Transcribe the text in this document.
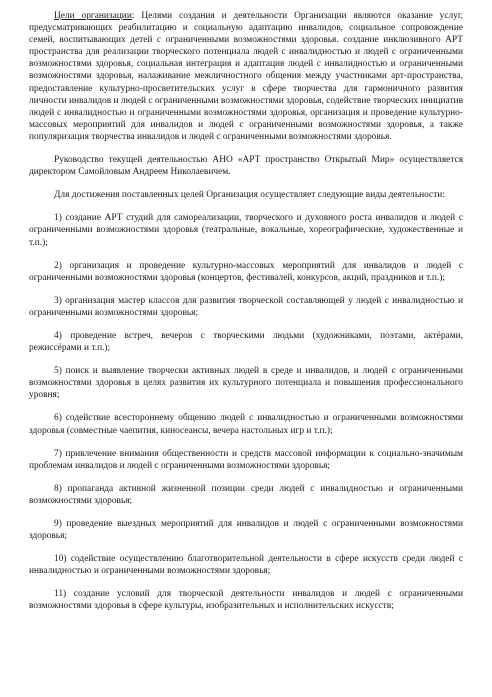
Цели организации: Целями создания и деятельности Организации являются оказание услуг, предусматривающих реабилитацию и социальную адаптацию инвалидов, социальное сопровождение семей, воспитывающих детей с ограниченными возможностями здоровья. создание инклюзивного АРТ пространства для реализации творческого потенциала людей с инвалидностью и людей с ограниченными возможностями здоровья, социальная интеграция и адаптация людей с инвалидностью и ограниченными возможностями здоровья, налаживание межличностного общения между участниками арт-пространства, предоставление культурно-просветительских услуг в сфере творчества для гармоничного развития личности инвалидов и людей с ограниченными возможностями здоровья, содействие творческих инициатив людей с инвалидностью и ограниченными возможностями здоровья, организация и проведение культурно-массовых мероприятий для инвалидов и людей с ограниченными возможностями здоровья, а также популяризация творчества инвалидов и людей с ограниченными возможностями здоровья.

Руководство текущей деятельностью АНО «АРТ пространство Открытый Мир» осуществляется директором Самойловым Андреем Николаевичем.

Для достижения поставленных целей Организация осуществляет следующие виды деятельности:

1) создание АРТ студий для самореализации, творческого и духовного роста инвалидов и людей с ограниченными возможностями здоровья (театральные, вокальные, хореографические, художественные и т.п.);

2) организация и проведение культурно-массовых мероприятий для инвалидов и людей с ограниченными возможностями здоровья (концертов, фестивалей, конкурсов, акций, праздников и т.п.);

3) организация мастер классов для развития творческой составляющей у людей с инвалидностью и ограниченными возможностями здоровья;

4) проведение встреч, вечеров с творческими людьми (художниками, поэтами, актёрами, режиссёрами и т.п.);

5) поиск и выявление творчески активных людей в среде и инвалидов, и людей с ограниченными возможностями здоровья в целях развития их культурного потенциала и повышения профессионального уровня;

6) содействие всестороннему общению людей с инвалидностью и ограниченными возможностями здоровья (совместные чаепития, киносеансы, вечера настольных игр и т.п.);

7) привлечение внимания общественности и средств массовой информации к социально-значимым проблемам инвалидов и людей с ограниченными возможностями здоровья;

8) пропаганда активной жизненной позиции среди людей с инвалидностью и ограниченными возможностями здоровья;

9) проведение выездных мероприятий для инвалидов и людей с ограниченными возможностями здоровья;

10) содействие осуществлению благотворительной деятельности в сфере искусств среди людей с инвалидностью и ограниченными возможностями здоровья;

11) создание условий для творческой деятельности инвалидов и людей с ограниченными возможностями здоровья в сфере культуры, изобразительных и исполнительских искусств;
